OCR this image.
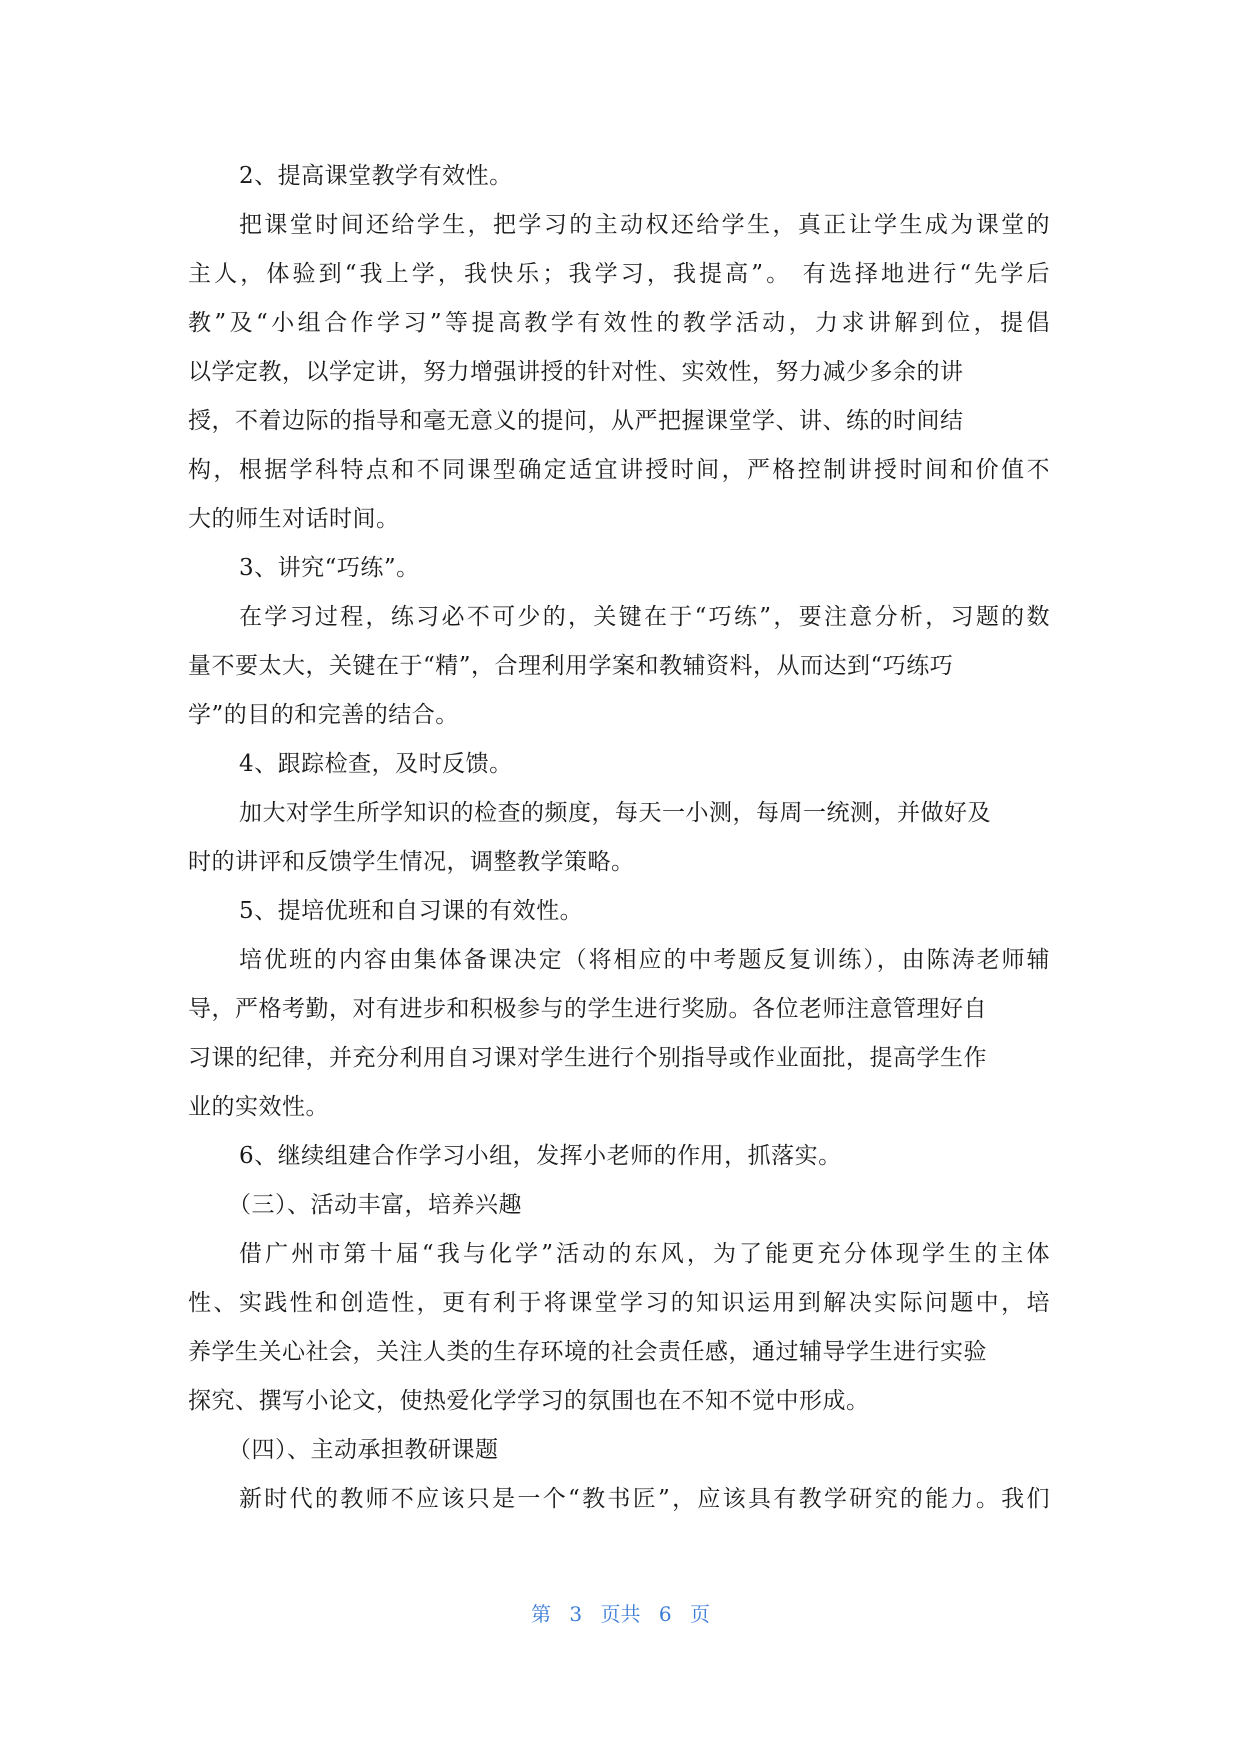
2、提高课堂教学有效性。
把课堂时间还给学生，把学习的主动权还给学生，真正让学生成为课堂的
主人，体验到“我上学，我快乐；我学习，我提高”。 有选择地进行“先学后
教”及“小组合作学习”等提高教学有效性的教学活动，力求讲解到位，提倡
以学定教，以学定讲，努力增强讲授的针对性、实效性，努力减少多余的讲
授，不着边际的指导和毫无意义的提问，从严把握课堂学、讲、练的时间结
构，根据学科特点和不同课型确定适宜讲授时间，严格控制讲授时间和价值不
大的师生对话时间。
3、讲究“巧练”。
在学习过程，练习必不可少的，关键在于“巧练”，要注意分析，习题的数
量不要太大，关键在于“精”，合理利用学案和教辅资料，从而达到“巧练巧
学”的目的和完善的结合。
4、跟踪检查，及时反馈。
加大对学生所学知识的检查的频度，每天一小测，每周一统测，并做好及
时的讲评和反馈学生情况，调整教学策略。
5、提培优班和自习课的有效性。
培优班的内容由集体备课决定（将相应的中考题反复训练），由陈涛老师辅
导，严格考勤，对有进步和积极参与的学生进行奖励。各位老师注意管理好自
习课的纪律，并充分利用自习课对学生进行个别指导或作业面批，提高学生作
业的实效性。
6、继续组建合作学习小组，发挥小老师的作用，抓落实。
（三）、活动丰富，培养兴趣
借广州市第十届“我与化学”活动的东风，为了能更充分体现学生的主体
性、实践性和创造性，更有利于将课堂学习的知识运用到解决实际问题中，培
养学生关心社会，关注人类的生存环境的社会责任感，通过辅导学生进行实验
探究、撰写小论文，使热爱化学学习的氛围也在不知不觉中形成。
（四）、主动承担教研课题
新时代的教师不应该只是一个“教书匠”，应该具有教学研究的能力。我们
第 3 页共 6 页
